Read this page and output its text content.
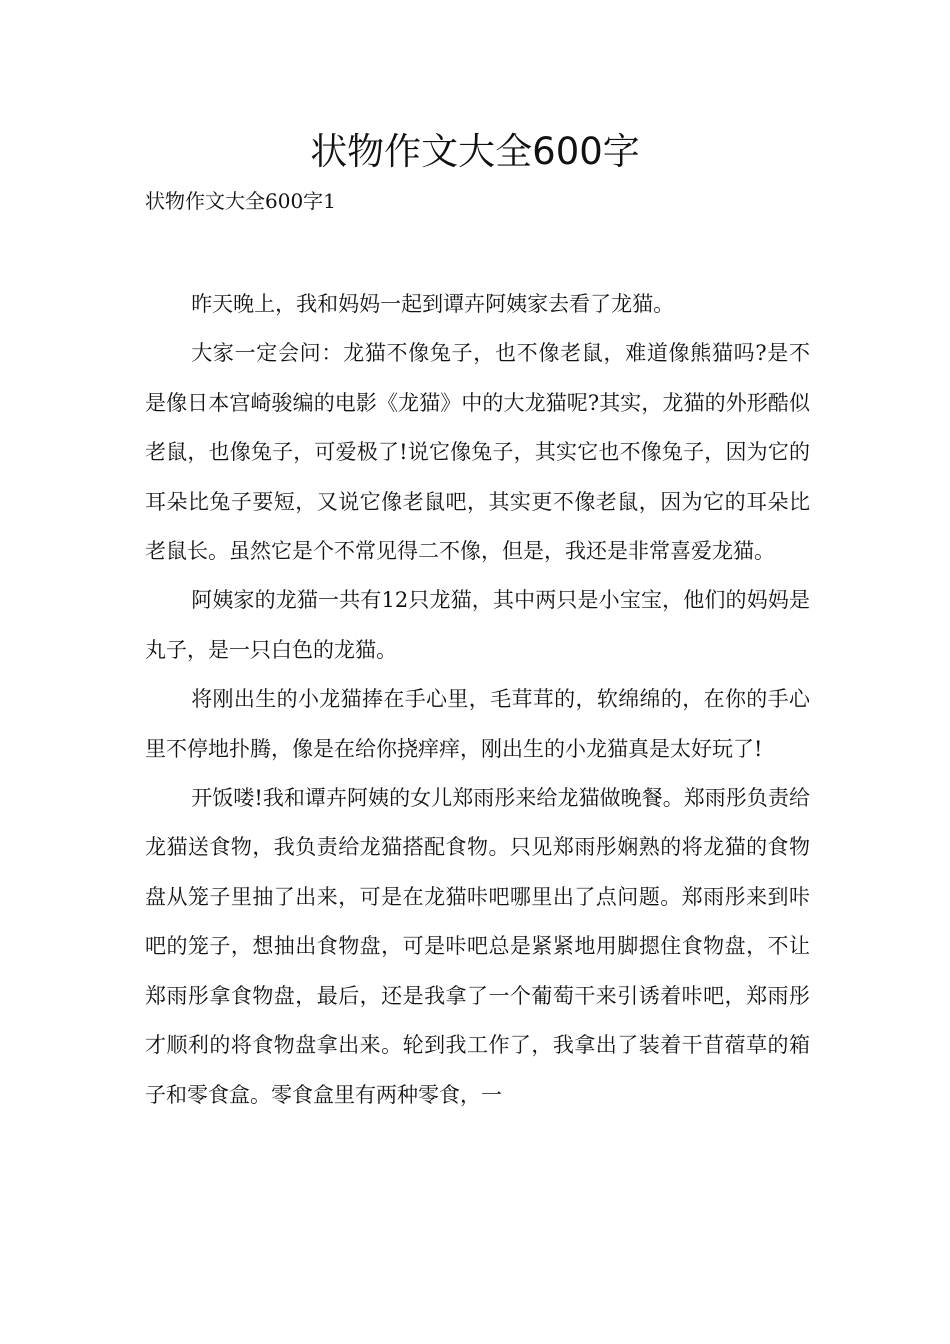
状物作文大全600字
状物作文大全600字1

昨天晚上，我和妈妈一起到谭卉阿姨家去看了龙猫。

大家一定会问：龙猫不像兔子，也不像老鼠，难道像熊猫吗?是不是像日本宫崎骏编的电影《龙猫》中的大龙猫呢?其实，龙猫的外形酷似老鼠，也像兔子，可爱极了!说它像兔子，其实它也不像兔子，因为它的耳朵比兔子要短，又说它像老鼠吧，其实更不像老鼠，因为它的耳朵比老鼠长。虽然它是个不常见得二不像，但是，我还是非常喜爱龙猫。

阿姨家的龙猫一共有12只龙猫，其中两只是小宝宝，他们的妈妈是丸子，是一只白色的龙猫。

将刚出生的小龙猫捧在手心里，毛茸茸的，软绵绵的，在你的手心里不停地扑腾，像是在给你挠痒痒，刚出生的小龙猫真是太好玩了!

开饭喽!我和谭卉阿姨的女儿郑雨彤来给龙猫做晚餐。郑雨彤负责给龙猫送食物，我负责给龙猫搭配食物。只见郑雨彤娴熟的将龙猫的食物盘从笼子里抽了出来，可是在龙猫咔吧哪里出了点问题。郑雨彤来到咔吧的笼子，想抽出食物盘，可是咔吧总是紧紧地用脚摁住食物盘，不让郑雨彤拿食物盘，最后，还是我拿了一个葡萄干来引诱着咔吧，郑雨彤才顺利的将食物盘拿出来。轮到我工作了，我拿出了装着干苜蓿草的箱子和零食盒。零食盒里有两种零食，一
